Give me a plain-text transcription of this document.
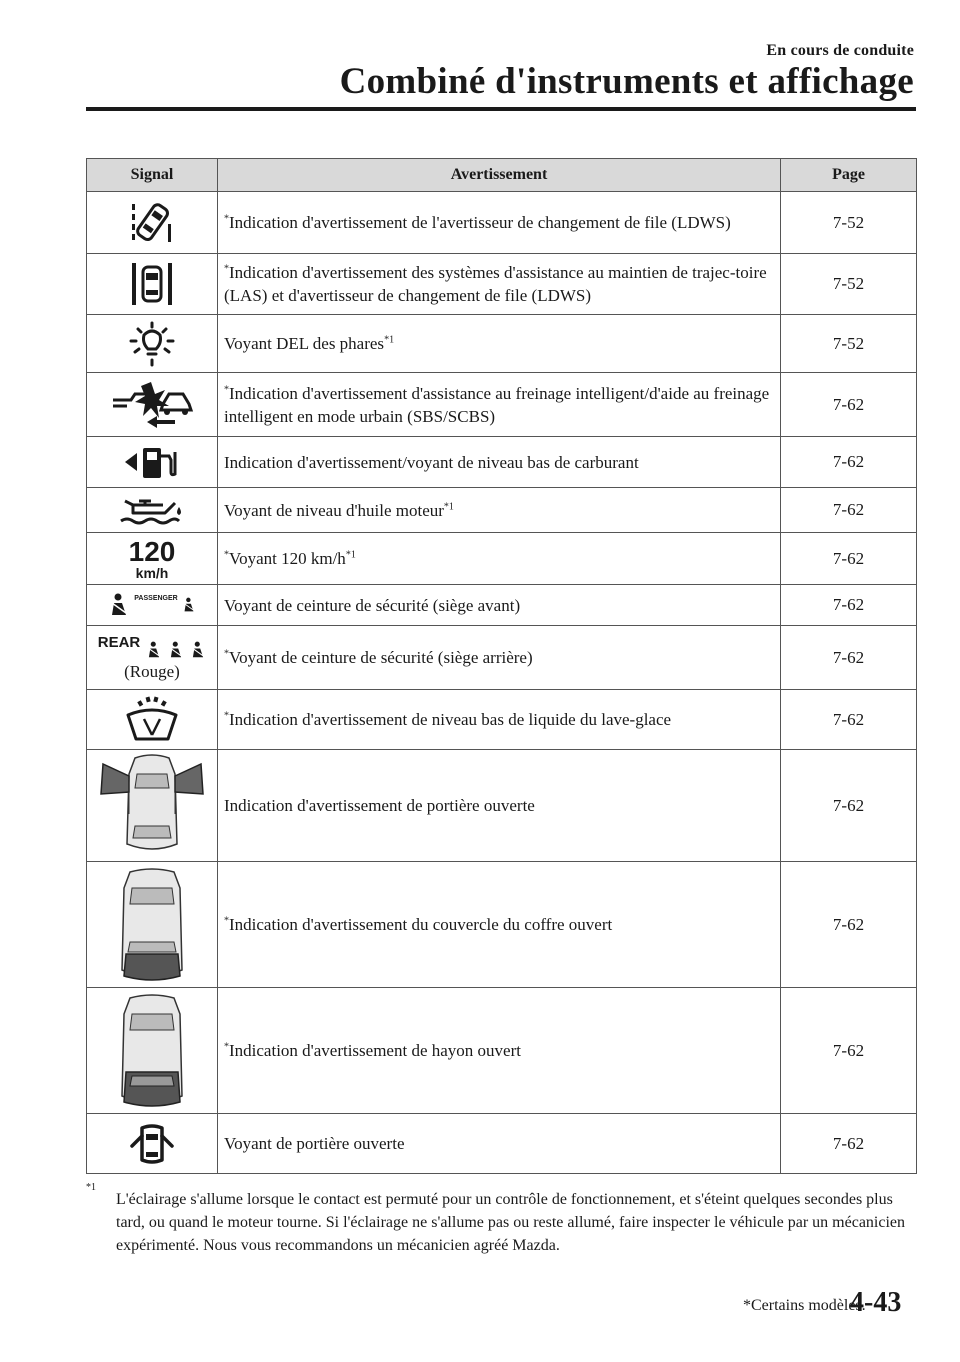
En cours de conduite
Combiné d'instruments et affichage
Signal	Avertissement	Page

	*Indication d'avertissement de l'avertisseur de changement de file (LDWS)	7-52

	*Indication d'avertissement des systèmes d'assistance au maintien de trajec-toire (LAS) et d'avertisseur de changement de file (LDWS)	7-52

	Voyant DEL des phares$^{*1}$	7-52

	*Indication d'avertissement d'assistance au freinage intelligent/d'aide au freinage intelligent en mode urbain (SBS/SCBS)	7-62

	Indication d'avertissement/voyant de niveau bas de carburant	7-62

	Voyant de niveau d'huile moteur$^{*1}$	7-62

120
km/h	*Voyant 120 $km/h^{*1}$	7-62

PASSENGER	Voyant de ceinture de sécurité (siège avant)	7-62

REAR
(Rouge)	*Voyant de ceinture de sécurité (siège arrière)	7-62

	*Indication d'avertissement de niveau bas de liquide du lave-glace	7-62

	Indication d'avertissement de portière ouverte	7-62

	*Indication d'avertissement du couvercle du coffre ouvert	7-62

	*Indication d'avertissement de hayon ouvert	7-62

	Voyant de portière ouverte	7-62
*1
L'éclairage s'allume lorsque le contact est permuté pour un contrôle de fonctionnement, et s'éteint quelques secondes plus tard, ou quand le moteur tourne. Si l'éclairage ne s'allume pas ou reste allumé, faire inspecter le véhicule par un mécanicien expérimenté. Nous vous recommandons un mécanicien agréé Mazda.
*Certains modèles.
4-43
